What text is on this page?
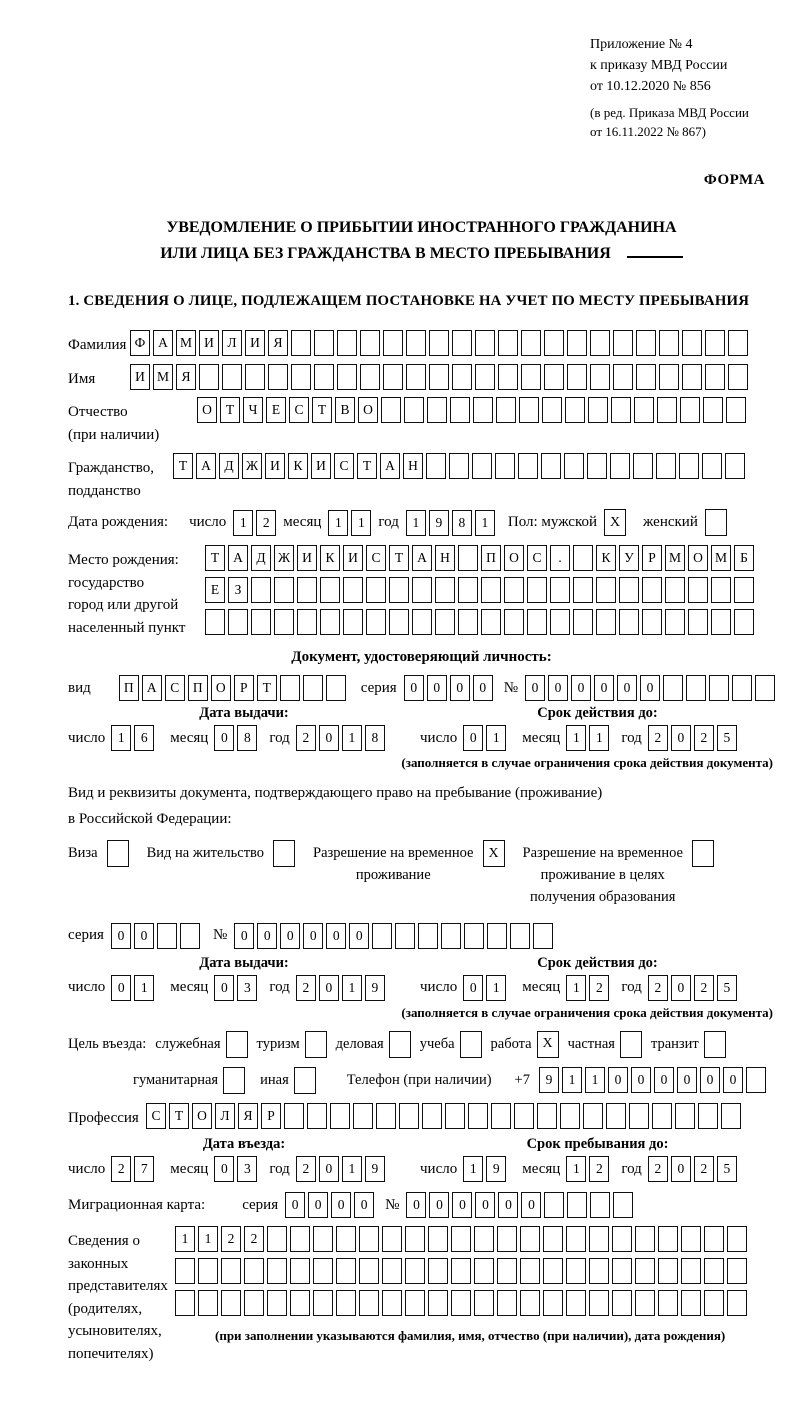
Приложение № 4
к приказу МВД России
от 10.12.2020 № 856
(в ред. Приказа МВД России
от 16.11.2022 № 867)
ФОРМА
УВЕДОМЛЕНИЕ О ПРИБЫТИИ ИНОСТРАННОГО ГРАЖДАНИНА
ИЛИ ЛИЦА БЕЗ ГРАЖДАНСТВА В МЕСТО ПРЕБЫВАНИЯ
1. СВЕДЕНИЯ О ЛИЦЕ, ПОДЛЕЖАЩЕМ ПОСТАНОВКЕ НА УЧЕТ ПО МЕСТУ ПРЕБЫВАНИЯ
Фамилия Ф А М И	Л	И	Я
Имя	И М Я
Отчество
(при наличии)
О	Т	Ч	Е	С	Т	В	О
Гражданство,
подданство
Т	А	Д Ж И	К	И	С	Т	А Н
Дата рождения: число	1	2 месяц	1	1 год	1	9	8	1	Пол: мужской X	женский
Место рождения:
государство
город или другой
населенный пункт
Т	А	Д Ж И	К	И	С	Т	А Н	П О	С	.	К	У	Р М О М Б
Е	З
Документ, удостоверяющий личность:
вид	П А	С	П О	Р	Т	серия	0	0	0	0	№	0	0	0	0	0	0
Дата выдачи:
число 1	6	месяц 0	8	год 2	0	1	8
Срок действия до:
число 0	1	месяц 1	1	год 2	0	2	5
(заполняется в случае ограничения срока действия документа)
Вид и реквизиты документа, подтверждающего право на пребывание (проживание)
в Российской Федерации:
Виза	Вид на жительство	Разрешение на временное
проживание
X	Разрешение на временное
проживание в целях
получения образования
серия	0	0	№	0	0	0	0	0	0
Дата выдачи:
число 0	1	месяц 0	3	год 2	0	1	9
Срок действия до:
число 0	1	месяц 1	2	год 2	0	2	5
(заполняется в случае ограничения срока действия документа)
Цель въезда: служебная туризм деловая учеба работа X	частная транзит
гуманитарная	иная	Телефон (при наличии) +7	9	1	1	0	0	0	0	0	0
Профессия С	Т	О	Л	Я	Р
Дата въезда:
число 2	7	месяц 0	3	год 2	0	1	9
Срок пребывания до:
число 1	9	месяц 1	2	год 2	0	2	5
Миграционная карта: серия	0	0	0	0	№	0	0	0	0	0	0
Сведения о
законных
представителях
(родителях,
усыновителях,
попечителях)
1	1	2	2
(при заполнении указываются фамилия, имя, отчество (при наличии), дата рождения)
